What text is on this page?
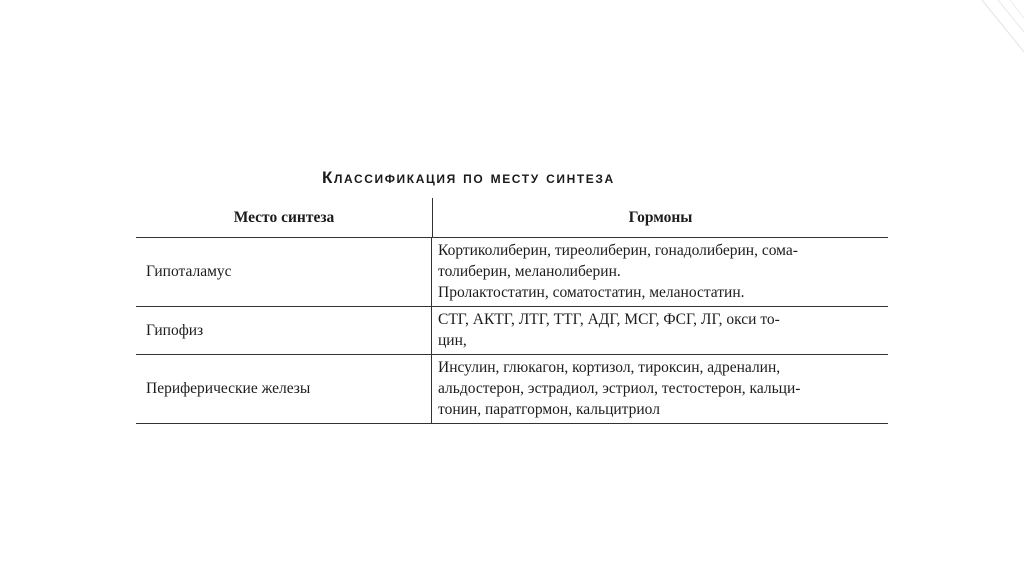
Классификация по месту синтеза
Место синтеза	Гормоны
Гипоталамус
Кортиколиберин, тиреолиберин, гонадолиберин, сома-
толиберин, меланолиберин.
Пролактостатин, соматостатин, меланостатин.
Гипофиз
СТГ, АКТГ, ЛТГ, ТТГ, АДГ, МСГ, ФСГ, ЛГ, окси то-
цин,
Периферические железы
Инсулин, глюкагон, кортизол, тироксин, адреналин,
альдостерон, эстрадиол, эстриол, тестостерон, кальци-
тонин, паратгормон, кальцитриол
